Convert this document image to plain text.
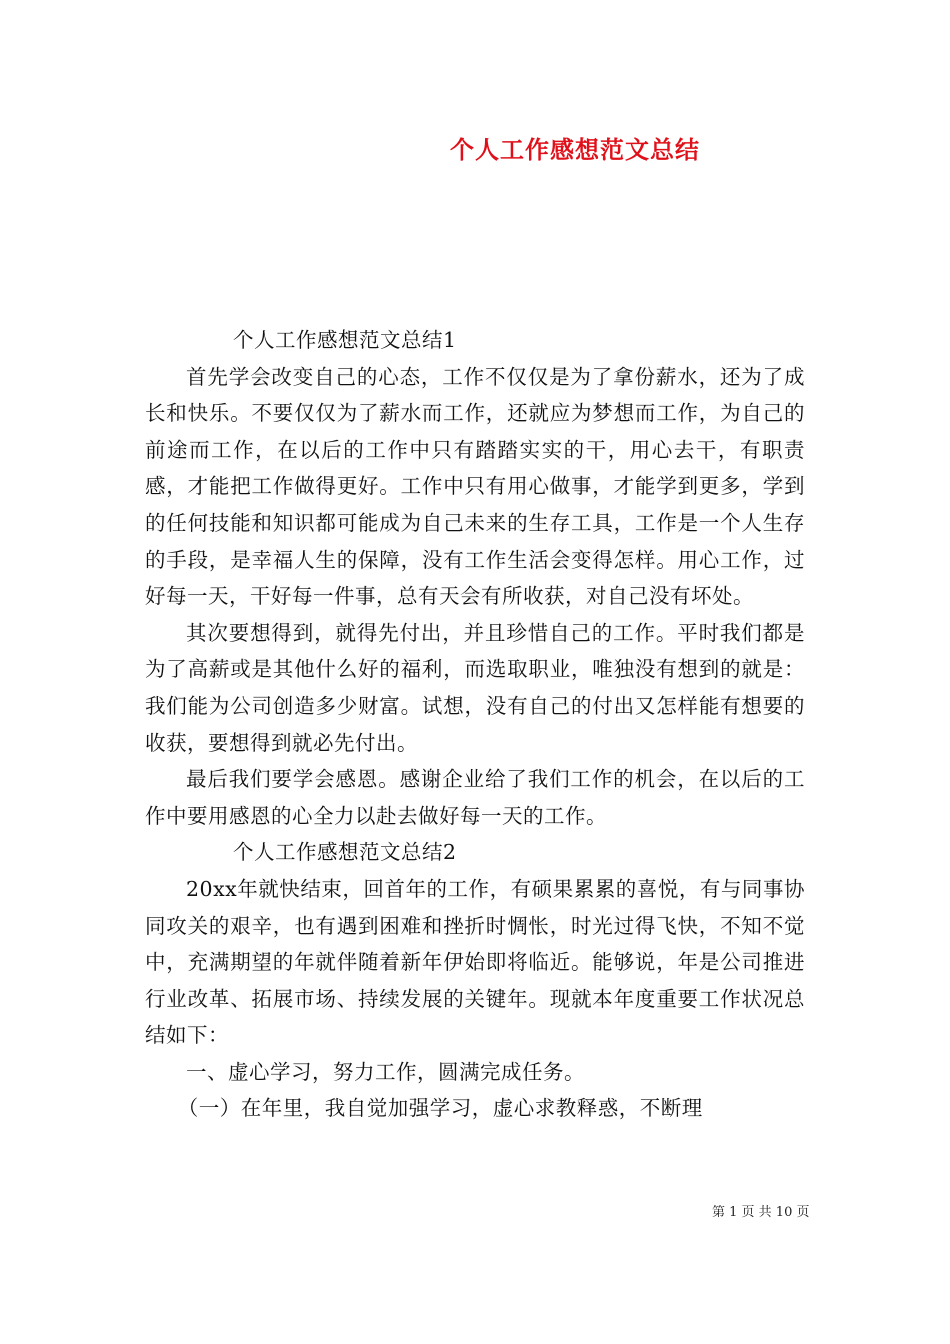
个人工作感想范文总结

个人工作感想范文总结1

首先学会改变自己的心态，工作不仅仅是为了拿份薪水，还为了成长和快乐。不要仅仅为了薪水而工作，还就应为梦想而工作，为自己的前途而工作，在以后的工作中只有踏踏实实的干，用心去干，有职责感，才能把工作做得更好。工作中只有用心做事，才能学到更多，学到的任何技能和知识都可能成为自己未来的生存工具，工作是一个人生存的手段，是幸福人生的保障，没有工作生活会变得怎样。用心工作，过好每一天，干好每一件事，总有天会有所收获，对自己没有坏处。

其次要想得到，就得先付出，并且珍惜自己的工作。平时我们都是为了高薪或是其他什么好的福利，而选取职业，唯独没有想到的就是：我们能为公司创造多少财富。试想，没有自己的付出又怎样能有想要的收获，要想得到就必先付出。

最后我们要学会感恩。感谢企业给了我们工作的机会，在以后的工作中要用感恩的心全力以赴去做好每一天的工作。

个人工作感想范文总结2

20xx年就快结束，回首年的工作，有硕果累累的喜悦，有与同事协同攻关的艰辛，也有遇到困难和挫折时惆怅，时光过得飞快，不知不觉中，充满期望的年就伴随着新年伊始即将临近。能够说，年是公司推进行业改革、拓展市场、持续发展的关键年。现就本年度重要工作状况总结如下：

一、虚心学习，努力工作，圆满完成任务。

（一）在年里，我自觉加强学习，虚心求教释惑，不断理

第 1 页 共 10 页
